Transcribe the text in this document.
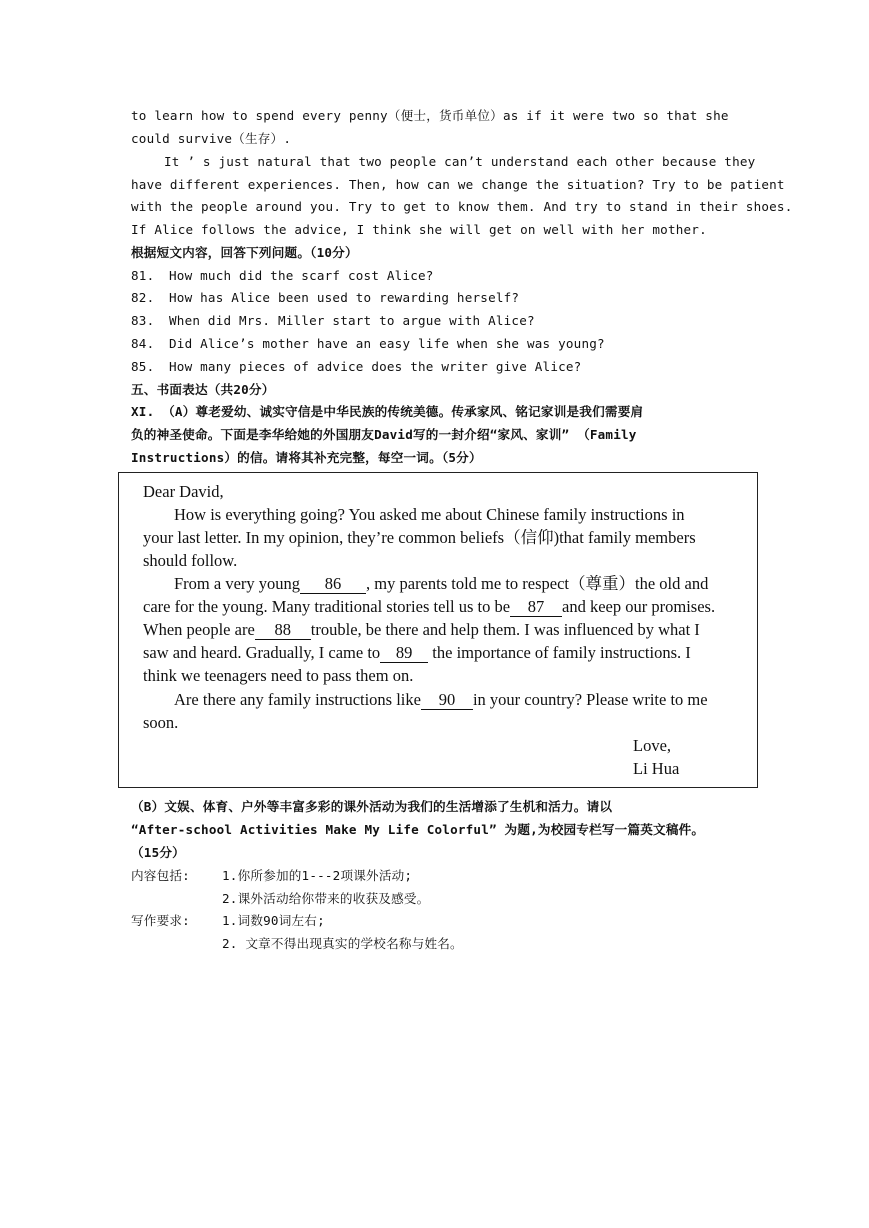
to learn how to spend every penny（便士，货币单位）as if it were two so that she
could survive（生存）.
It ’ s just natural that two people can’t understand each other because they
have different experiences. Then, how can we change the situation? Try to be patient
with the people around you. Try to get to know them. And try to stand in their shoes.
If Alice follows the advice, I think she will get on well with her mother.
根据短文内容，回答下列问题。（10分）
81. How much did the scarf cost Alice?
82. How has Alice been used to rewarding herself?
83. When did Mrs. Miller start to argue with Alice?
84. Did Alice’s mother have an easy life when she was young?
85. How many pieces of advice does the writer give Alice?
五、书面表达（共20分）
XI. （A）尊老爱幼、诚实守信是中华民族的传统美德。传承家风、铭记家训是我们需要肩
负的神圣使命。下面是李华给她的外国朋友David写的一封介绍“家风、家训” （Family
Instructions）的信。请将其补充完整，每空一词。（5分）
Dear David,
How is everything going? You asked me about Chinese family instructions in
your last letter. In my opinion, they’re common beliefs（信仰)that family members
should follow.
From a very young 86 , my parents told me to respect（尊重）the old and
care for the young. Many traditional stories tell us to be 87 and keep our promises.
When people are 88 trouble, be there and help them. I was influenced by what I
saw and heard. Gradually, I came to 89 the importance of family instructions. I
think we teenagers need to pass them on.
Are there any family instructions like 90 in your country? Please write to me
soon.
Love,
Li Hua
（B）文娱、体育、户外等丰富多彩的课外活动为我们的生活增添了生机和活力。请以
“After-school Activities Make My Life Colorful” 为题,为校园专栏写一篇英文稿件。
（15分）
内容包括:	1.你所参加的1---2项课外活动;
2.课外活动给你带来的收获及感受。
写作要求:	1.词数90词左右;
2. 文章不得出现真实的学校名称与姓名。
